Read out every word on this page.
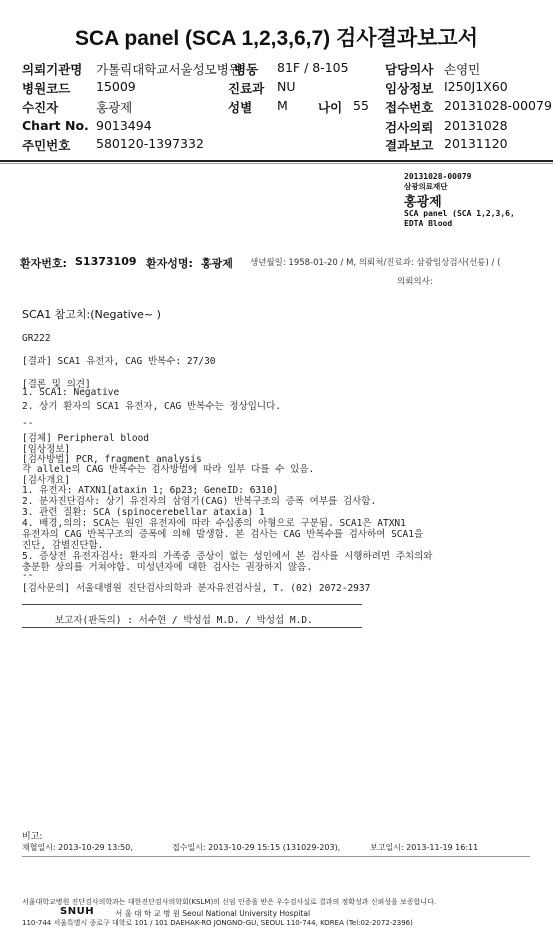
SCA panel (SCA 1,2,3,6,7) 검사결과보고서
의뢰기관명 가톨릭대학교서울성모병원
병동 81F / 8-105	담당의사 손영민
병원코드 15009	진료과 NU	임상정보 I250J1X60
수진자	홍광제	성별 M 나이 55 접수번호 20131028-00079
Chart No. 9013494	검사의뢰 20131028
주민번호 580120-1397332	결과보고 20131120
20131028-00079
삼광의료재단
홍광제
SCA panel (SCA 1,2,3,6,
EDTA Blood
환자번호: S1373109 환자성명: 홍광제 생년월일: 1958-01-20 / M, 의뢰처/진료과: 삼광임상검사(선릉) / (
의뢰의사:
SCA1 참고치:(Negative~ )
GR222
[결과] SCA1 유전자, CAG 반복수: 27/30
[결론 및 의견]
1. SCA1: Negative
2. 상기 환자의 SCA1 유전자, CAG 반복수는 정상입니다.
--
[검체] Peripheral blood
[임상정보]
[검사방법] PCR, fragment analysis
각 allele의 CAG 반복수는 검사방법에 따라 일부 다를 수 있음.
[검사개요]
1. 유전자: ATXN1[ataxin 1; 6p23; GeneID: 6310]
2. 분자진단검사: 상기 유전자의 삼염기(CAG) 반복구조의 증폭 여부를 검사함.
3. 관련 질환: SCA (spinocerebellar ataxia) 1
4. 배경,의의: SCA는 원인 유전자에 따라 수십종의 아형으로 구분됨. SCA1은 ATXN1
유전자의 CAG 반복구조의 증폭에 의해 발생함. 본 검사는 CAG 반복수를 검사하여 SCA1을
진단, 감별진단함.
5. 증상전 유전자검사: 환자의 가족중 증상이 없는 성인에서 본 검사를 시행하려면 주치의와
충분한 상의를 거쳐야함. 미성년자에 대한 검사는 권장하지 않음.
--
[검사문의] 서울대병원 진단검사의학과 분자유전검사실, T. (02) 2072-2937
보고자(판독의) : 서수현 / 박성섭 M.D. / 박성섭 M.D.
비고:
채혈일시: 2013-10-29 13:50,	접수일시: 2013-10-29 15:15 (131029-203),	보고일시: 2013-11-19 16:11
서울대학교병원 진단검사의학과는 대한진단검사의학회(KSLM)의 신임 인증을 받은 우수검사실로 결과의 정확성과 신뢰성을 보증합니다.
SNUH	서 울 대 학 교 병 원 Seoul National University Hospital
110-744 서울특별시 종로구 대학로 101 / 101 DAEHAK-RO JONGNO-GU, SEOUL 110-744, KOREA (Tel:02-2072-2396)
